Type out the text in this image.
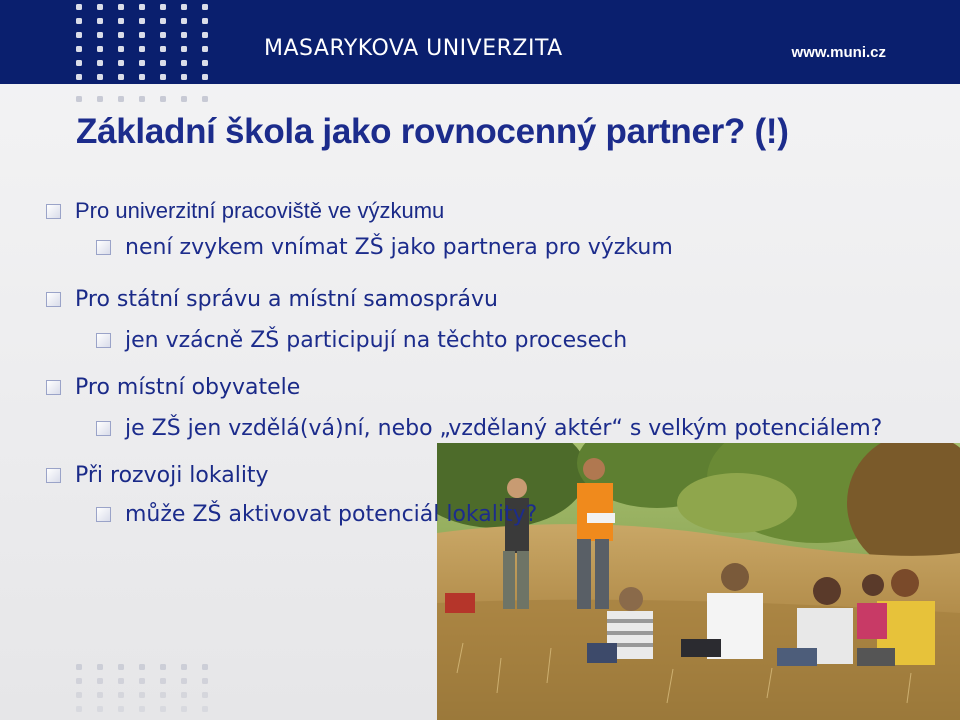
MASARYKOVA UNIVERZITA	www.muni.cz
Základní škola jako rovnocenný partner? (!)
Pro univerzitní pracoviště ve výzkumu
není zvykem vnímat ZŠ jako partnera pro výzkum
Pro státní správu a místní samosprávu
jen vzácně ZŠ participují na těchto procesech
Pro místní obyvatele
je ZŠ jen vzdělá(vá)ní, nebo „vzdělaný aktér“ s velkým potenciálem?
Při rozvoji lokality
může ZŠ aktivovat potenciál lokality?
